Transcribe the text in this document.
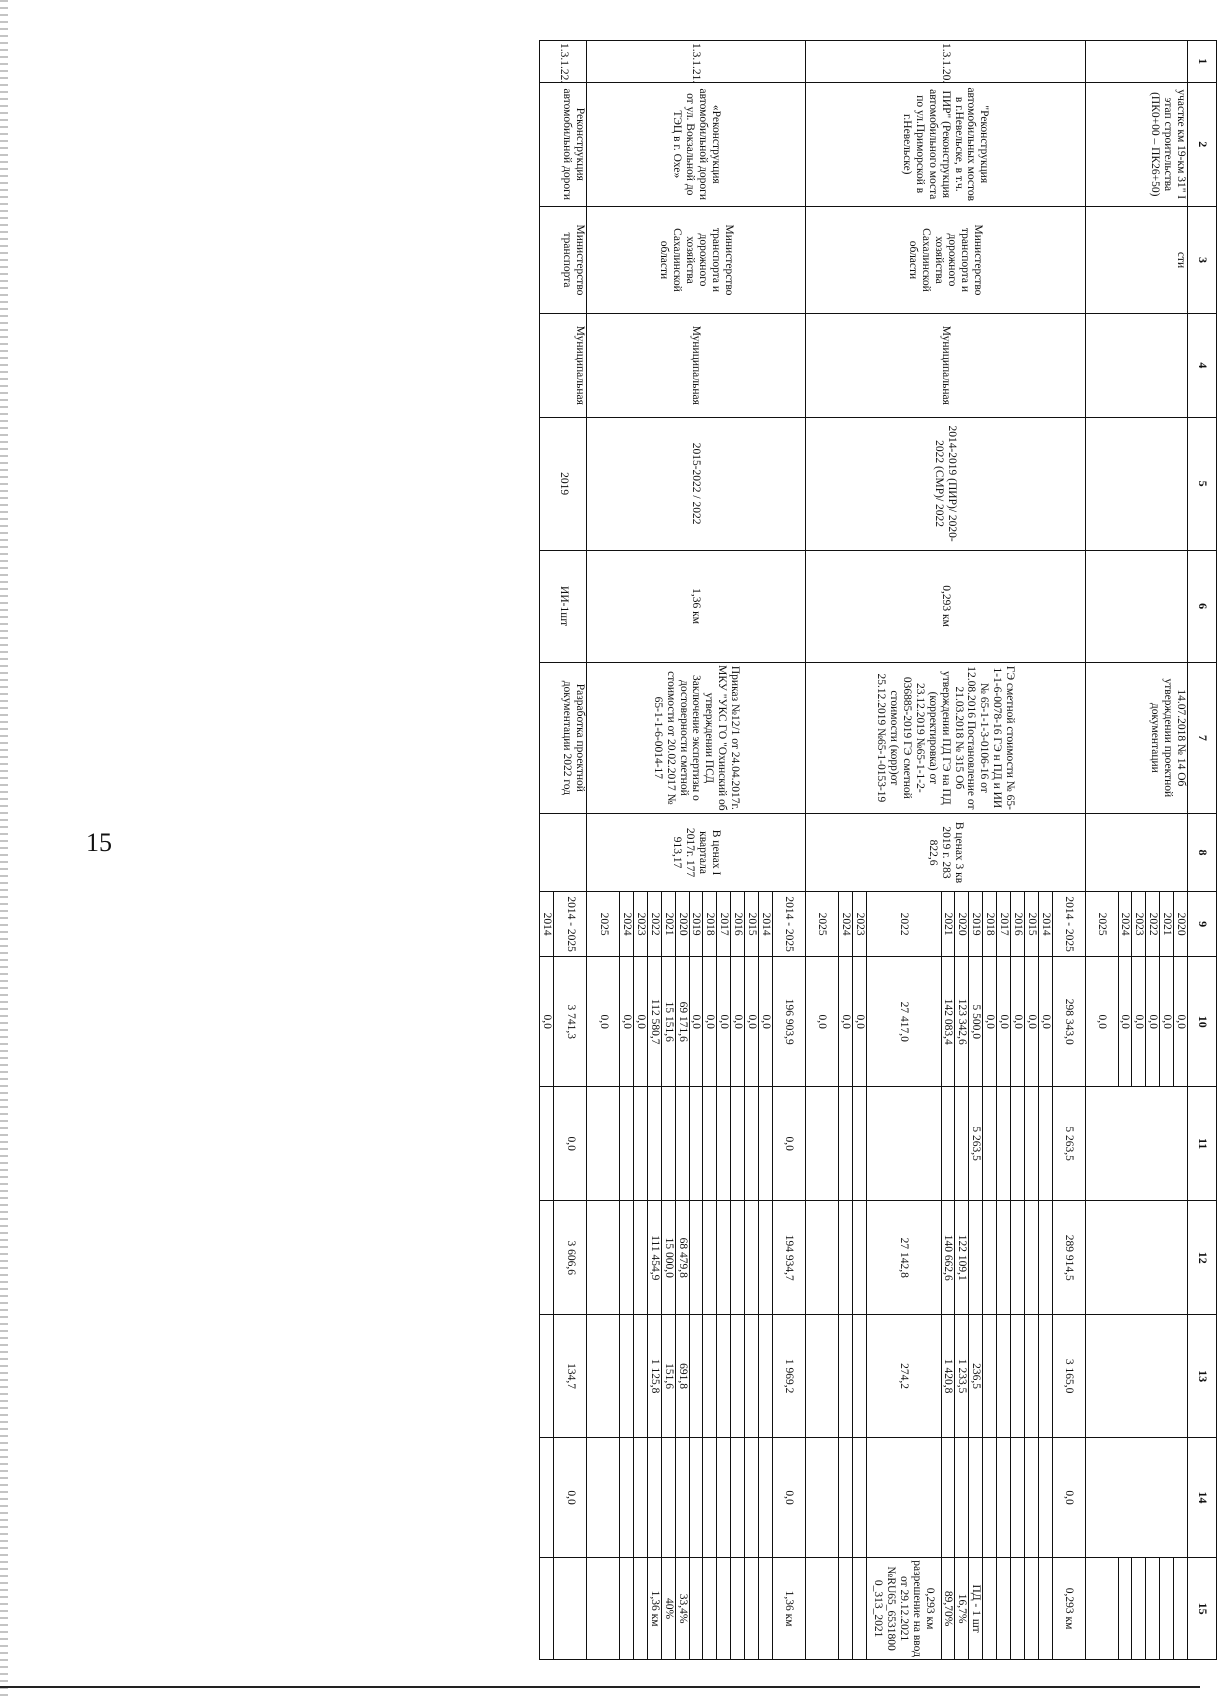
15
1	2	3	4	5	6	7	8	9	10	11	12	13	14	15
	участке км 19-км 31" I этап строительства (ПК0+00 – ПК26+50)	сти				14.07.2018 № 14 Об утверждении проектной документации		2020	0,0					
								2021	0,0					
								2022	0,0					
								2023	0,0					
								2024	0,0					
								2025	0,0					
1.3.1.20.	"Реконструкция автомобильных мостов в г.Невельске, в т.ч. ПИР" (Реконструкция автомобильного моста по ул.Приморской в г.Невельске)	Министерство транспорта и дорожного хозяйства Сахалинской области	Муниципальная	2014-2019 (ПИР)/ 2020-2022 (СМР)/ 2022	0,293 км	ГЭ сметной стоимости № 65-1-1-6-0078-16 ГЭ н ПД и ИИ № 65-1-1-3-0106-16 от 12.08.2016 Постановление от 21.03.2018 № 315 Об утверждении ПД ГЭ на ПД (корректировка) от 23.12.2019 №65-1-1-2-036885-2019 ГЭ сметной стоимости (корр)от 25.12.2019 №65-1-0153-19	В ценах 3 кв 2019 г. 283 822,6	2014 - 2025	298 343,0	5 263,5	289 914,5	3 165,0	0,0	0,293 км
								2014	0,0					
								2015	0,0					
								2016	0,0					
								2017	0,0					
								2018	0,0					
								2019	5 500,0	5 263,5		236,5		ПД - 1 шт
								2020	123 342,6		122 109,1	1 233,5		16,7%
								2021	142 083,4		140 662,6	1 420,8		89,70%
								2022	27 417,0		27 142,8	274,2		0,293 км разрешение на ввод от 29.12.2021 №RU65_6531800 0_313_2021
								2023	0,0					
								2024	0,0					
								2025	0,0					
1.3.1.21.	«Реконструкция автомобильной дороги от ул. Вокзальной до ТЭЦ в г. Охе»	Министерство транспорта и дорожного хозяйства Сахалинской области	Муниципальная	2015-2022 / 2022	1,36 км	Приказ №12/1 от 24.04.2017г. МКУ "УКС ГО "Охинский об утверждении ПСД Заключение экспертизы о достоверности сметной стоимости от 20.02.2017 № 65-1-1-6-0014-17	В ценах I квартала 2017г. 177 913,17	2014 - 2025	196 903,9	0,0	194 934,7	1 969,2	0,0	1,36 км
								2014	0,0					
								2015	0,0					
								2016	0,0					
								2017	0,0					
								2018	0,0					
								2019	0,0					
								2020	69 171,6		68 479,8	691,8		33,4%
								2021	15 151,6		15 000,0	151,6		40%
								2022	112 580,7		111 454,9	1 125,8		1,36 км
								2023	0,0					
								2024	0,0					
								2025	0,0					
1.3.1.22.	Реконструкция автомобильной дороги	Министерство транспорта	Муниципальная	2019	ИИ-1шт	Разработка проектной документации 2022 год		2014 - 2025	3 741,3	0,0	3 606,6	134,7	0,0	
								2014	0,0					
